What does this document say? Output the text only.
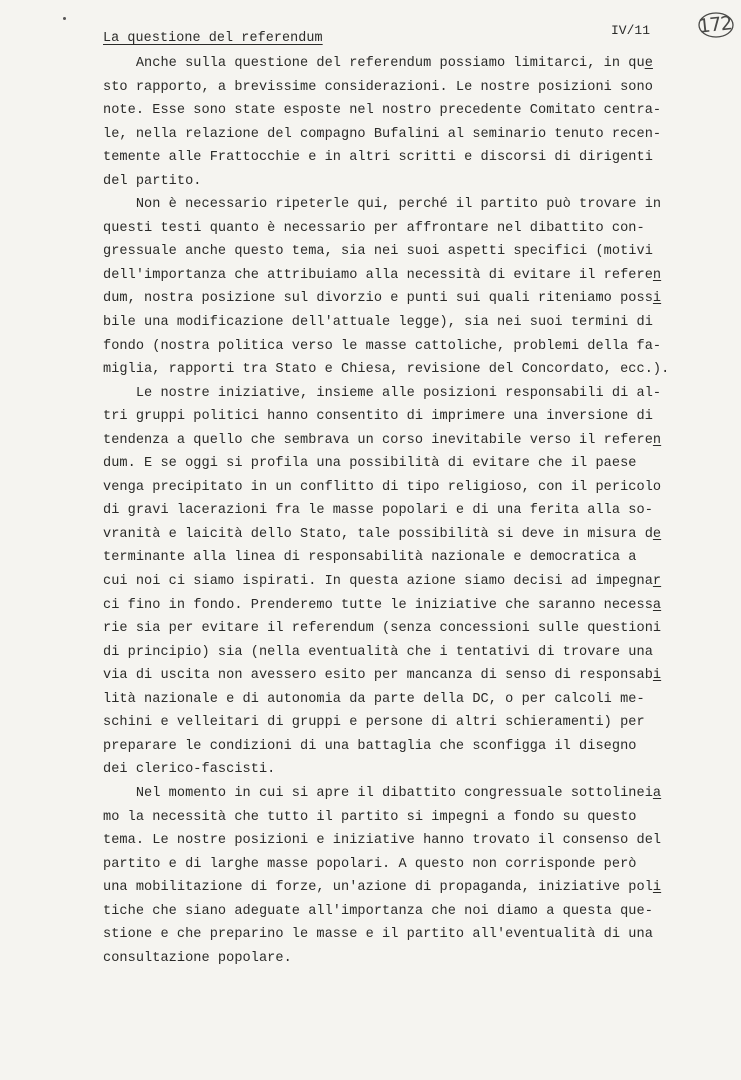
La questione del referendum
IV/11 172
Anche sulla questione del referendum possiamo limitarci, in que
sto rapporto, a brevissime considerazioni. Le nostre posizioni sono
note. Esse sono state esposte nel nostro precedente Comitato centra-
le, nella relazione del compagno Bufalini al seminario tenuto recen-
temente alle Frattocchie e in altri scritti e discorsi di dirigenti
del partito.
Non è necessario ripeterle qui, perché il partito può trovare in
questi testi quanto è necessario per affrontare nel dibattito con-
gressuale anche questo tema, sia nei suoi aspetti specifici (motivi
dell'importanza che attribuiamo alla necessità di evitare il referen
dum, nostra posizione sul divorzio e punti sui quali riteniamo possi
bile una modificazione dell'attuale legge), sia nei suoi termini di
fondo (nostra politica verso le masse cattoliche, problemi della fa-
miglia, rapporti tra Stato e Chiesa, revisione del Concordato, ecc.).
Le nostre iniziative, insieme alle posizioni responsabili di al-
tri gruppi politici hanno consentito di imprimere una inversione di
tendenza a quello che sembrava un corso inevitabile verso il referen
dum. E se oggi si profila una possibilità di evitare che il paese
venga precipitato in un conflitto di tipo religioso, con il pericolo
di gravi lacerazioni fra le masse popolari e di una ferita alla so-
vranità e laicità dello Stato, tale possibilità si deve in misura de
terminante alla linea di responsabilità nazionale e democratica a
cui noi ci siamo ispirati. In questa azione siamo decisi ad impegnar
ci fino in fondo. Prenderemo tutte le iniziative che saranno necessa
rie sia per evitare il referendum (senza concessioni sulle questioni
di principio) sia (nella eventualità che i tentativi di trovare una
via di uscita non avessero esito per mancanza di senso di responsabi
lità nazionale e di autonomia da parte della DC, o per calcoli me-
schini e velleitari di gruppi e persone di altri schieramenti) per
preparare le condizioni di una battaglia che sconfigga il disegno
dei clerico-fascisti.
Nel momento in cui si apre il dibattito congressuale sottolineia
mo la necessità che tutto il partito si impegni a fondo su questo
tema. Le nostre posizioni e iniziative hanno trovato il consenso del
partito e di larghe masse popolari. A questo non corrisponde però
una mobilitazione di forze, un'azione di propaganda, iniziative poli
tiche che siano adeguate all'importanza che noi diamo a questa que-
stione e che preparino le masse e il partito all'eventualità di una
consultazione popolare.
